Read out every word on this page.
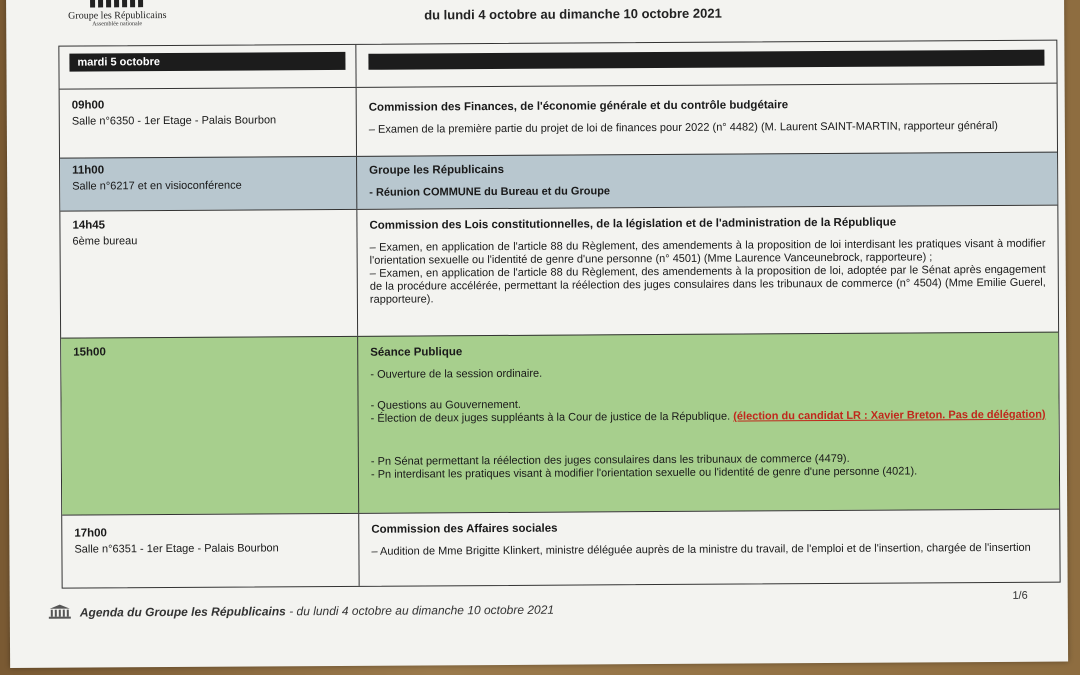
Groupe les Républicains
Assemblée nationale
du lundi 4 octobre au dimanche 10 octobre 2021
mardi 5 octobre
09h00
Salle n°6350 - 1er Etage - Palais Bourbon
Commission des Finances, de l'économie générale et du contrôle budgétaire
– Examen de la première partie du projet de loi de finances pour 2022 (n° 4482) (M. Laurent SAINT-MARTIN, rapporteur général)
11h00
Salle n°6217 et en visioconférence
Groupe les Républicains
- Réunion COMMUNE du Bureau et du Groupe
14h45
6ème bureau
Commission des Lois constitutionnelles, de la législation et de l'administration de la République
– Examen, en application de l'article 88 du Règlement, des amendements à la proposition de loi interdisant les pratiques visant à modifier l'orientation sexuelle ou l'identité de genre d'une personne (n° 4501) (Mme Laurence Vanceunebrock, rapporteure) ;
– Examen, en application de l'article 88 du Règlement, des amendements à la proposition de loi, adoptée par le Sénat après engagement de la procédure accélérée, permettant la réélection des juges consulaires dans les tribunaux de commerce (n° 4504) (Mme Emilie Guerel, rapporteure).
15h00	Séance Publique
- Ouverture de la session ordinaire.
- Questions au Gouvernement.
- Élection de deux juges suppléants à la Cour de justice de la République. (élection du candidat LR : Xavier Breton. Pas de délégation)
- Pn Sénat permettant la réélection des juges consulaires dans les tribunaux de commerce (4479).
- Pn interdisant les pratiques visant à modifier l'orientation sexuelle ou l'identité de genre d'une personne (4021).
17h00
Salle n°6351 - 1er Etage - Palais Bourbon
Commission des Affaires sociales
– Audition de Mme Brigitte Klinkert, ministre déléguée auprès de la ministre du travail, de l'emploi et de l'insertion, chargée de l'insertion
Agenda du Groupe les Républicains - du lundi 4 octobre au dimanche 10 octobre 2021
1/6
